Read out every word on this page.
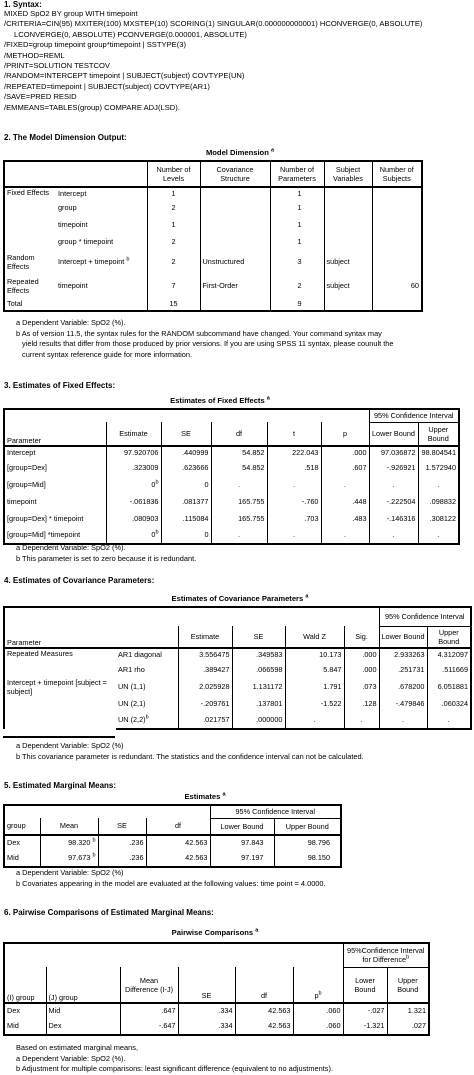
1. Syntax:
MIXED SpO2 BY group WITH timepoint
/CRITERIA=CIN(95) MXITER(100) MXSTEP(10) SCORING(1) SINGULAR(0.000000000001) HCONVERGE(0, ABSOLUTE)
LCONVERGE(0, ABSOLUTE) PCONVERGE(0.000001, ABSOLUTE)
/FIXED=group timepoint group*timepoint | SSTYPE(3)
/METHOD=REML
/PRINT=SOLUTION TESTCOV
/RANDOM=INTERCEPT timepoint | SUBJECT(subject) COVTYPE(UN)
/REPEATED=timepoint | SUBJECT(subject) COVTYPE(AR1)
/SAVE=PRED RESID
/EMMEANS=TABLES(group) COMPARE ADJ(LSD).
2. The Model Dimension Output:
Model Dimension $^a$
		Number of Levels	Covariance Structure	Number of Parameters	Subject Variables	Number of Subjects
Fixed Effects	Intercept	1		1		
	group	2		1		
	timepoint	1		1		
	group * timepoint	2		1		
Random Effects	Intercept + timepoint $^b$	2	Unstructured	3	subject	
Repeated Effects	timepoint	7	First-Order	2	subject	60
Total		15		9		
a Dependent Variable: SpO2 (%).
b As of version 11.5, the syntax rules for the RANDOM subcommand have changed. Your command syntax may
yield results that differ from those produced by prior versions. If you are using SPSS 11 syntax, please counult the
current syntax reference guide for more information.
3. Estimates of Fixed Effects:
Estimates of Fixed Effects $^a$
						95% Confidence Interval	
Parameter	Estimate	SE	df	t	p	Lower Bound	Upper Bound
Intercept	97.920706	.440999	54.852	222.043	.000	97.036872	98.804541
[group=Dex]	.323009	.623666	54.852	.518	.607	-.926921	1.572940
[group=Mid]	0$^b$	0	.	.	.	.	.
timepoint	-.061836	.081377	165.755	-.760	.448	-.222504	.098832
[group=Dex] * timepoint	.080903	.115084	165.755	.703	.483	-.146316	.308122
[group=Mid] *timepoint	0$^b$	0	.	.	.	.	.
a Dependent Variable: SpO2 (%).
b This parameter is set to zero because it is redundant.
4. Estimates of Covariance Parameters:
Estimates of Covariance Parameters $^a$
						95% Confidence Interval	
Parameter		Estimate	SE	Wald Z	Sig.	Lower Bound	Upper Bound
Repeated Measures	AR1 diagonal	3.556475	.349583	10.173	.000	2.933263	4.312097
	AR1 rho	.389427	.066598	5.847	.000	.251731	.511669
Intercept + timepoint [subject = subject]	UN (1,1)	2.025928	1.131172	1.791	.073	.678200	6.051881
	UN (2,1)	-.209761	.137801	-1.522	.128	-.479846	.060324
	UN $(2,2)^b$	.021757	.000000	.	.	.	.
a Dependent Variable: SpO2 (%)
b This covariance parameter is redundant. The statistics and the confidence interval can not be calculated.
5. Estimated Marginal Means:
Estimates $^a$
				95% Confidence Interval	
group	Mean	SE	df	Lower Bound	Upper Bound
Dex	98.320 $^b$	.236	42.563	97.843	98.796
Mid	97.673 $^b$	.236	42.563	97.197	98.150
a Dependent Variable: SpO2 (%)
b Covariates appearing in the model are evaluated at the following values: time point = 4.0000.
6. Pairwise Comparisons of Estimated Marginal Means:
Pairwise Comparisons $^a$
						95%Confidence Interval for Difference$^b$
(I) group	(J) group	Mean Difference (I-J)	SE	df	$p^b$	Lower Bound	Upper Bound
Dex	Mid	.647	.334	42.563	.060	-.027	1.321
Mid	Dex	-.647	.334	42.563	.060	-1.321	.027
Based on estimated marginal means,
a Dependent Variable: SpO2 (%).
b Adjustment for multiple comparisons: least significant difference (equivalent to no adjustments).
